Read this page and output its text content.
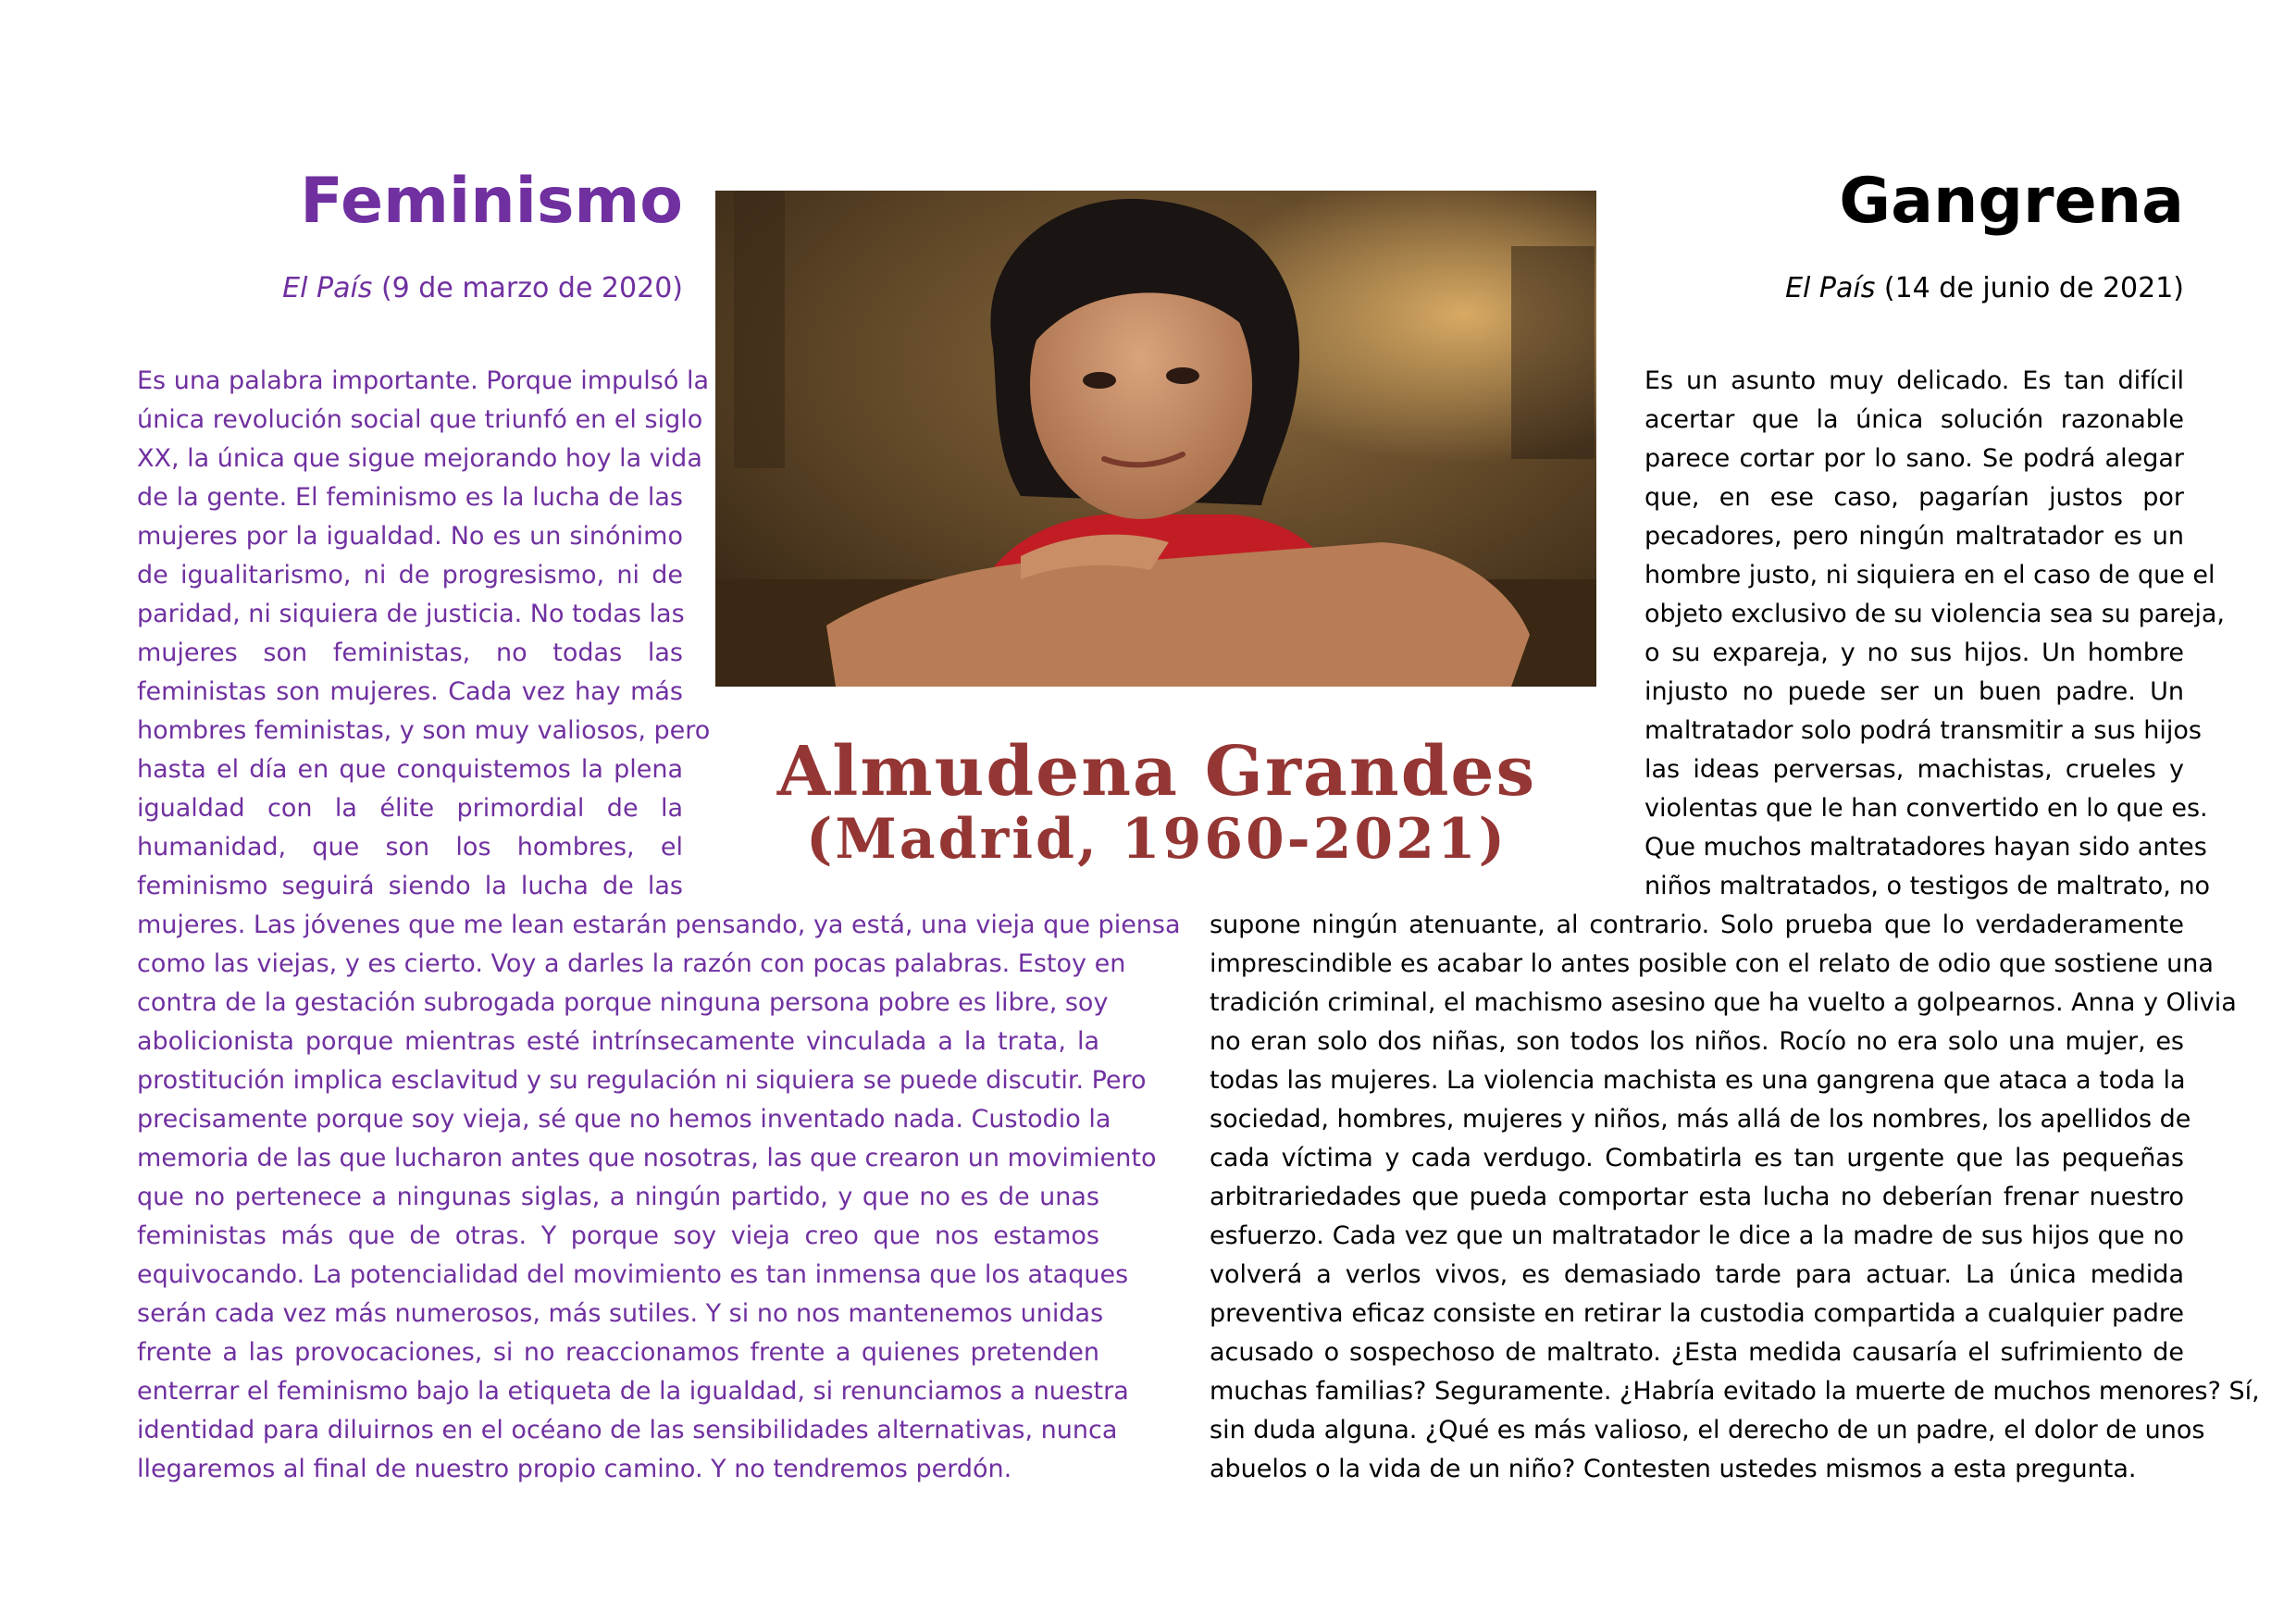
Feminismo
El País (9 de marzo de 2020)
Gangrena
El País (14 de junio de 2021)
Almudena Grandes
(Madrid, 1960-2021)
Es una palabra importante. Porque impulsó la
única revolución social que triunfó en el siglo
XX, la única que sigue mejorando hoy la vida
de la gente. El feminismo es la lucha de las
mujeres por la igualdad. No es un sinónimo
de igualitarismo, ni de progresismo, ni de
paridad, ni siquiera de justicia. No todas las
mujeres son feministas, no todas las
feministas son mujeres. Cada vez hay más
hombres feministas, y son muy valiosos, pero
hasta el día en que conquistemos la plena
igualdad con la élite primordial de la
humanidad, que son los hombres, el
feminismo seguirá siendo la lucha de las
mujeres. Las jóvenes que me lean estarán pensando, ya está, una vieja que piensa
como las viejas, y es cierto. Voy a darles la razón con pocas palabras. Estoy en
contra de la gestación subrogada porque ninguna persona pobre es libre, soy
abolicionista porque mientras esté intrínsecamente vinculada a la trata, la
prostitución implica esclavitud y su regulación ni siquiera se puede discutir. Pero
precisamente porque soy vieja, sé que no hemos inventado nada. Custodio la
memoria de las que lucharon antes que nosotras, las que crearon un movimiento
que no pertenece a ningunas siglas, a ningún partido, y que no es de unas
feministas más que de otras. Y porque soy vieja creo que nos estamos
equivocando. La potencialidad del movimiento es tan inmensa que los ataques
serán cada vez más numerosos, más sutiles. Y si no nos mantenemos unidas
frente a las provocaciones, si no reaccionamos frente a quienes pretenden
enterrar el feminismo bajo la etiqueta de la igualdad, si renunciamos a nuestra
identidad para diluirnos en el océano de las sensibilidades alternativas, nunca
llegaremos al final de nuestro propio camino. Y no tendremos perdón.
Es un asunto muy delicado. Es tan difícil
acertar que la única solución razonable
parece cortar por lo sano. Se podrá alegar
que, en ese caso, pagarían justos por
pecadores, pero ningún maltratador es un
hombre justo, ni siquiera en el caso de que el
objeto exclusivo de su violencia sea su pareja,
o su expareja, y no sus hijos. Un hombre
injusto no puede ser un buen padre. Un
maltratador solo podrá transmitir a sus hijos
las ideas perversas, machistas, crueles y
violentas que le han convertido en lo que es.
Que muchos maltratadores hayan sido antes
niños maltratados, o testigos de maltrato, no
supone ningún atenuante, al contrario. Solo prueba que lo verdaderamente
imprescindible es acabar lo antes posible con el relato de odio que sostiene una
tradición criminal, el machismo asesino que ha vuelto a golpearnos. Anna y Olivia
no eran solo dos niñas, son todos los niños. Rocío no era solo una mujer, es
todas las mujeres. La violencia machista es una gangrena que ataca a toda la
sociedad, hombres, mujeres y niños, más allá de los nombres, los apellidos de
cada víctima y cada verdugo. Combatirla es tan urgente que las pequeñas
arbitrariedades que pueda comportar esta lucha no deberían frenar nuestro
esfuerzo. Cada vez que un maltratador le dice a la madre de sus hijos que no
volverá a verlos vivos, es demasiado tarde para actuar. La única medida
preventiva eficaz consiste en retirar la custodia compartida a cualquier padre
acusado o sospechoso de maltrato. ¿Esta medida causaría el sufrimiento de
muchas familias? Seguramente. ¿Habría evitado la muerte de muchos menores? Sí,
sin duda alguna. ¿Qué es más valioso, el derecho de un padre, el dolor de unos
abuelos o la vida de un niño? Contesten ustedes mismos a esta pregunta.
